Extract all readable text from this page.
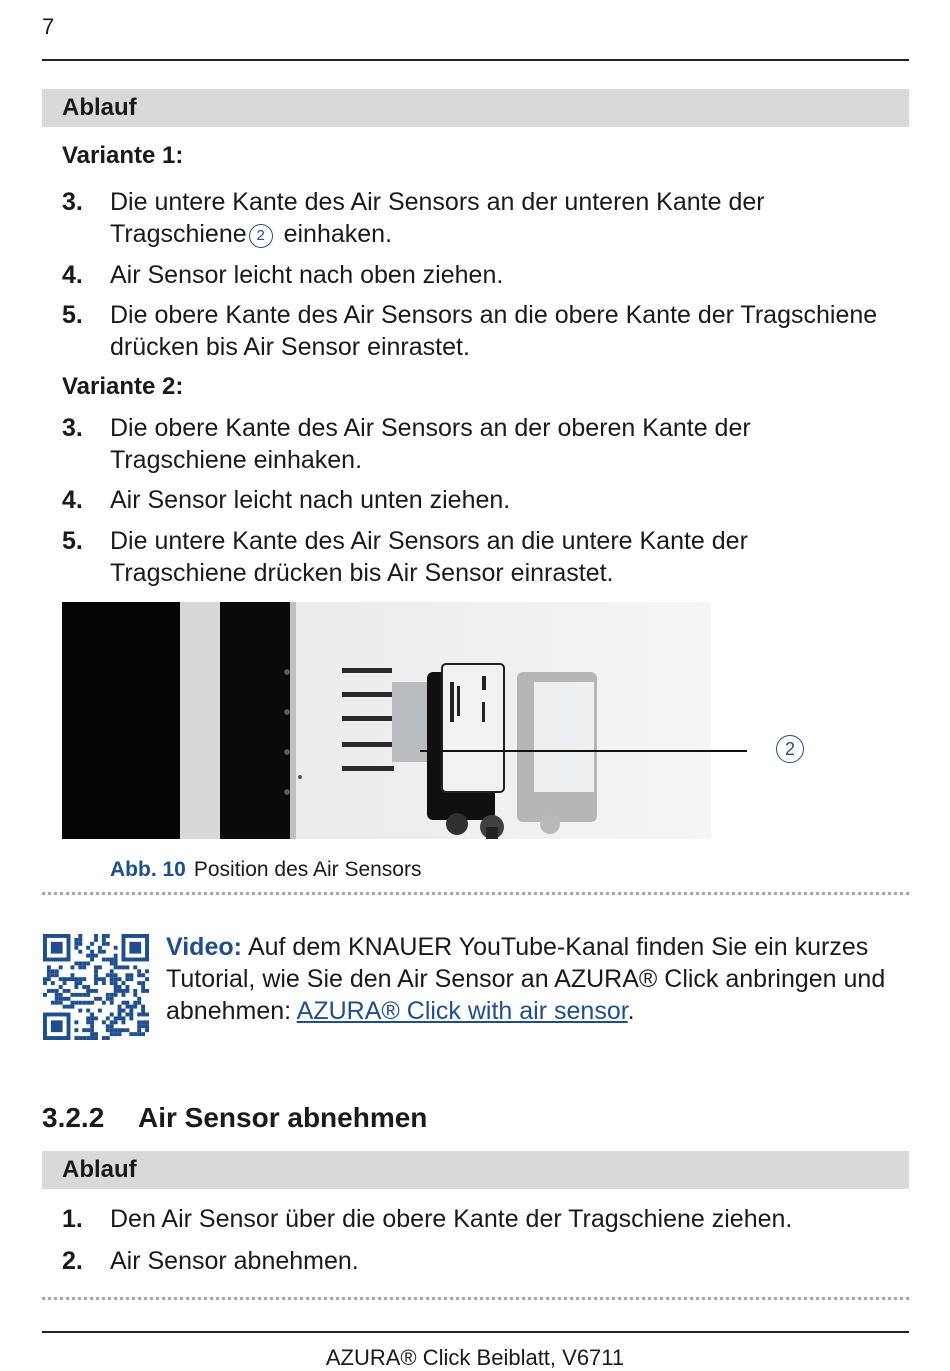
7
Ablauf
Variante 1:
3. Die untere Kante des Air Sensors an der unteren Kante der Tragschiene 2 einhaken.
4. Air Sensor leicht nach oben ziehen.
5. Die obere Kante des Air Sensors an die obere Kante der Tragschiene drücken bis Air Sensor einrastet.
Variante 2:
3. Die obere Kante des Air Sensors an der oberen Kante der Tragschiene einhaken.
4. Air Sensor leicht nach unten ziehen.
5. Die untere Kante des Air Sensors an die untere Kante der Tragschiene drücken bis Air Sensor einrastet.
2
Abb. 10 Position des Air Sensors
Video: Auf dem KNAUER YouTube-Kanal finden Sie ein kurzes Tutorial, wie Sie den Air Sensor an AZURA® Click anbringen und abnehmen: AZURA® Click with air sensor.
3.2.2 Air Sensor abnehmen
Ablauf
1. Den Air Sensor über die obere Kante der Tragschiene ziehen.
2. Air Sensor abnehmen.
AZURA® Click Beiblatt, V6711
